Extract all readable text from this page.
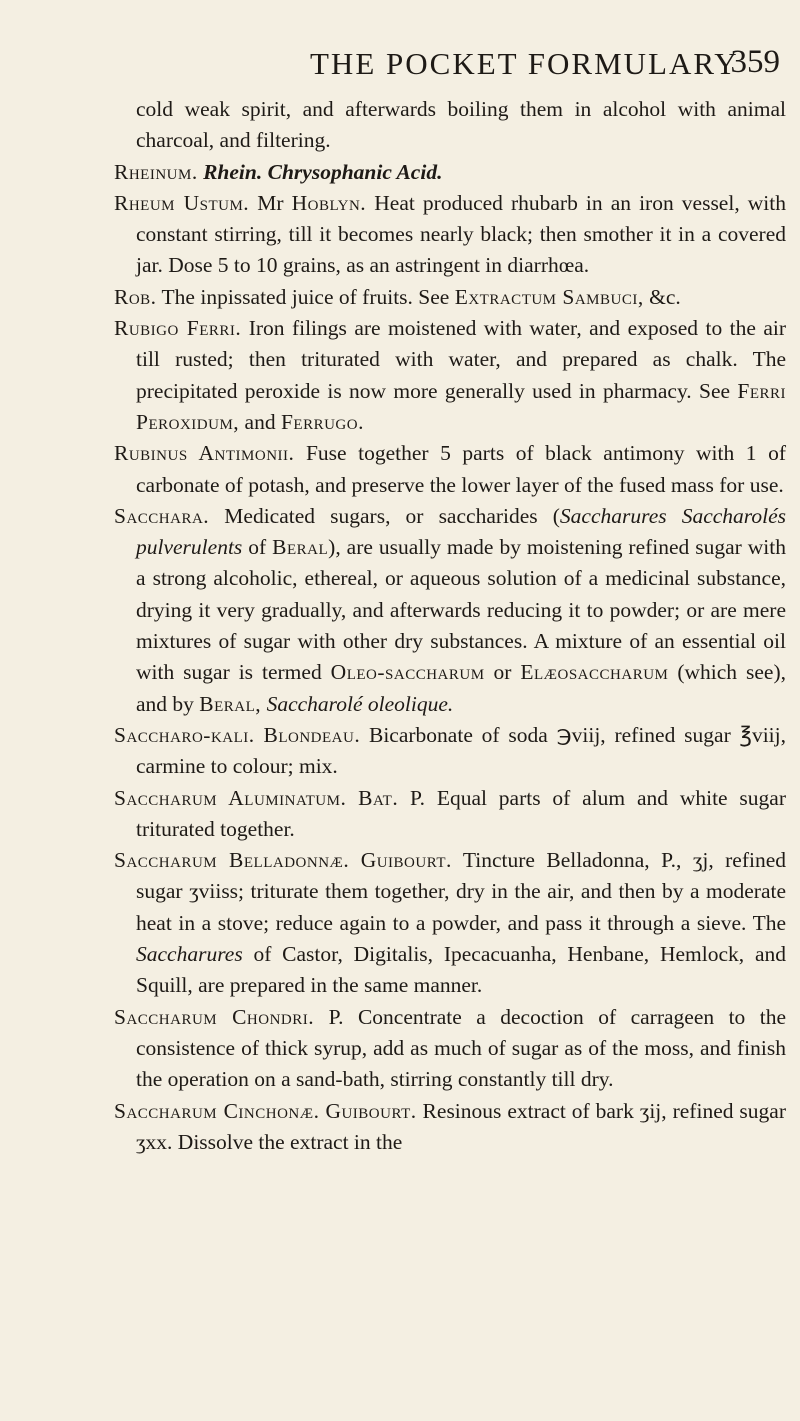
THE POCKET FORMULARY
359

cold weak spirit, and afterwards boiling them in alcohol with animal charcoal, and filtering.

Rheinum. Rhein. Chrysophanic Acid.

Rheum Ustum. Mr Hoblyn. Heat produced rhubarb in an iron vessel, with constant stirring, till it becomes nearly black; then smother it in a covered jar. Dose 5 to 10 grains, as an astringent in diarrhœa.

Rob. The inpissated juice of fruits. See Extractum Sambuci, &c.

Rubigo Ferri. Iron filings are moistened with water, and exposed to the air till rusted; then triturated with water, and prepared as chalk. The precipitated peroxide is now more generally used in pharmacy. See Ferri Peroxidum, and Ferrugo.

Rubinus Antimonii. Fuse together 5 parts of black antimony with 1 of carbonate of potash, and preserve the lower layer of the fused mass for use.

Sacchara. Medicated sugars, or saccharides (Saccharures Saccharolés pulverulents of Beral), are usually made by moistening refined sugar with a strong alcoholic, ethereal, or aqueous solution of a medicinal substance, drying it very gradually, and afterwards reducing it to powder; or are mere mixtures of sugar with other dry substances. A mixture of an essential oil with sugar is termed Oleo-saccharum or Elæosaccharum (which see), and by Beral, Saccharolé oleolique.

Saccharo-kali. Blondeau. Bicarbonate of soda ℈viij, refined sugar ℥viij, carmine to colour; mix.

Saccharum Aluminatum. Bat. P. Equal parts of alum and white sugar triturated together.

Saccharum Belladonnæ. Guibourt. Tincture Belladonna, P., ʒj, refined sugar ʒviiss; triturate them together, dry in the air, and then by a moderate heat in a stove; reduce again to a powder, and pass it through a sieve. The Saccharures of Castor, Digitalis, Ipecacuanha, Henbane, Hemlock, and Squill, are prepared in the same manner.

Saccharum Chondri. P. Concentrate a decoction of carrageen to the consistence of thick syrup, add as much of sugar as of the moss, and finish the operation on a sand-bath, stirring constantly till dry.

Saccharum Cinchonæ. Guibourt. Resinous extract of bark ʒij, refined sugar ʒxx. Dissolve the extract in the
